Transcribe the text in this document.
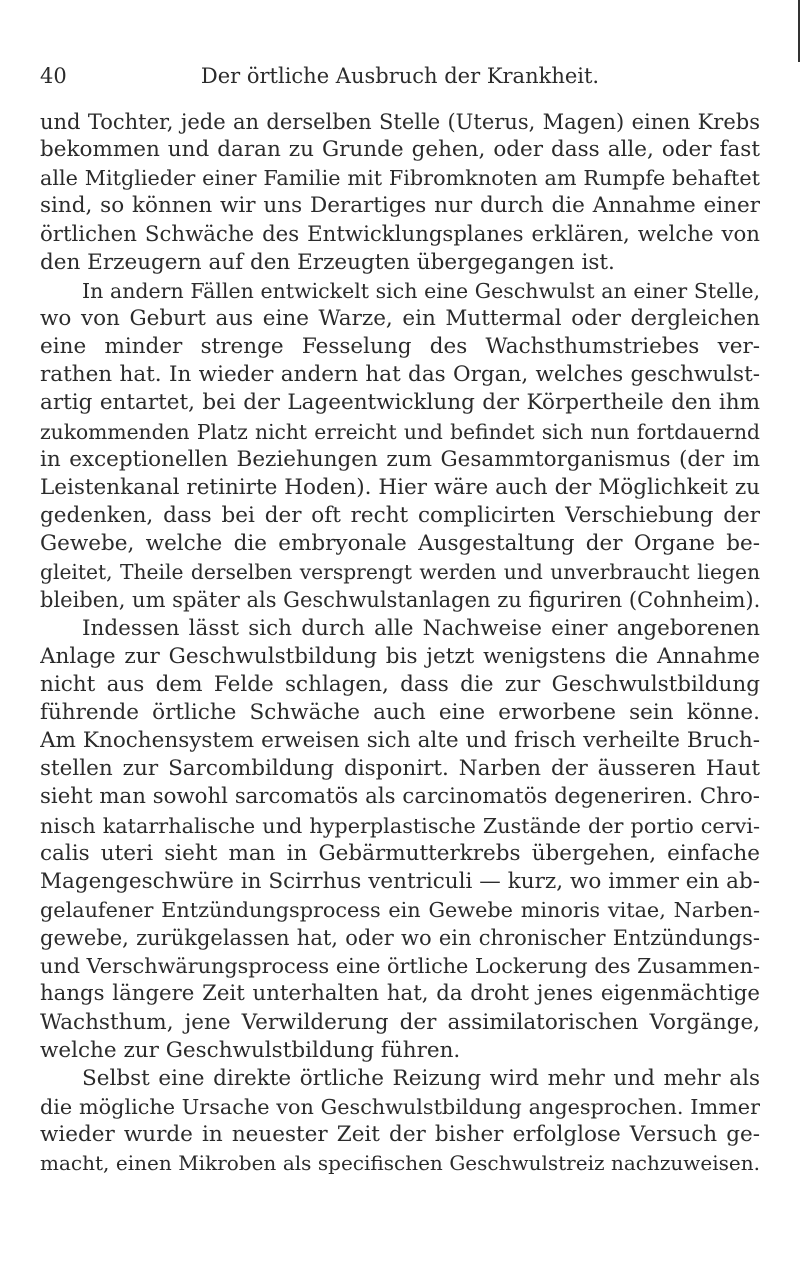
40	Der örtliche Ausbruch der Krankheit.
und Tochter, jede an derselben Stelle (Uterus, Magen) einen Krebs
bekommen und daran zu Grunde gehen, oder dass alle, oder fast
alle Mitglieder einer Familie mit Fibromknoten am Rumpfe behaftet
sind, so können wir uns Derartiges nur durch die Annahme einer
örtlichen Schwäche des Entwicklungsplanes erklären, welche von
den Erzeugern auf den Erzeugten übergegangen ist.
In andern Fällen entwickelt sich eine Geschwulst an einer Stelle,
wo von Geburt aus eine Warze, ein Muttermal oder dergleichen
eine minder strenge Fesselung des Wachsthumstriebes ver-
rathen hat. In wieder andern hat das Organ, welches geschwulst-
artig entartet, bei der Lageentwicklung der Körpertheile den ihm
zukommenden Platz nicht erreicht und befindet sich nun fortdauernd
in exceptionellen Beziehungen zum Gesammtorganismus (der im
Leistenkanal retinirte Hoden). Hier wäre auch der Möglichkeit zu
gedenken, dass bei der oft recht complicirten Verschiebung der
Gewebe, welche die embryonale Ausgestaltung der Organe be-
gleitet, Theile derselben versprengt werden und unverbraucht liegen
bleiben, um später als Geschwulstanlagen zu figuriren (Cohnheim).
Indessen lässt sich durch alle Nachweise einer angeborenen
Anlage zur Geschwulstbildung bis jetzt wenigstens die Annahme
nicht aus dem Felde schlagen, dass die zur Geschwulstbildung
führende örtliche Schwäche auch eine erworbene sein könne.
Am Knochensystem erweisen sich alte und frisch verheilte Bruch-
stellen zur Sarcombildung disponirt. Narben der äusseren Haut
sieht man sowohl sarcomatös als carcinomatös degeneriren. Chro-
nisch katarrhalische und hyperplastische Zustände der portio cervi-
calis uteri sieht man in Gebärmutterkrebs übergehen, einfache
Magengeschwüre in Scirrhus ventriculi — kurz, wo immer ein ab-
gelaufener Entzündungsprocess ein Gewebe minoris vitae, Narben-
gewebe, zurükgelassen hat, oder wo ein chronischer Entzündungs-
und Verschwärungsprocess eine örtliche Lockerung des Zusammen-
hangs längere Zeit unterhalten hat, da droht jenes eigenmächtige
Wachsthum, jene Verwilderung der assimilatorischen Vorgänge,
welche zur Geschwulstbildung führen.
Selbst eine direkte örtliche Reizung wird mehr und mehr als
die mögliche Ursache von Geschwulstbildung angesprochen. Immer
wieder wurde in neuester Zeit der bisher erfolglose Versuch ge-
macht, einen Mikroben als specifischen Geschwulstreiz nachzuweisen.
